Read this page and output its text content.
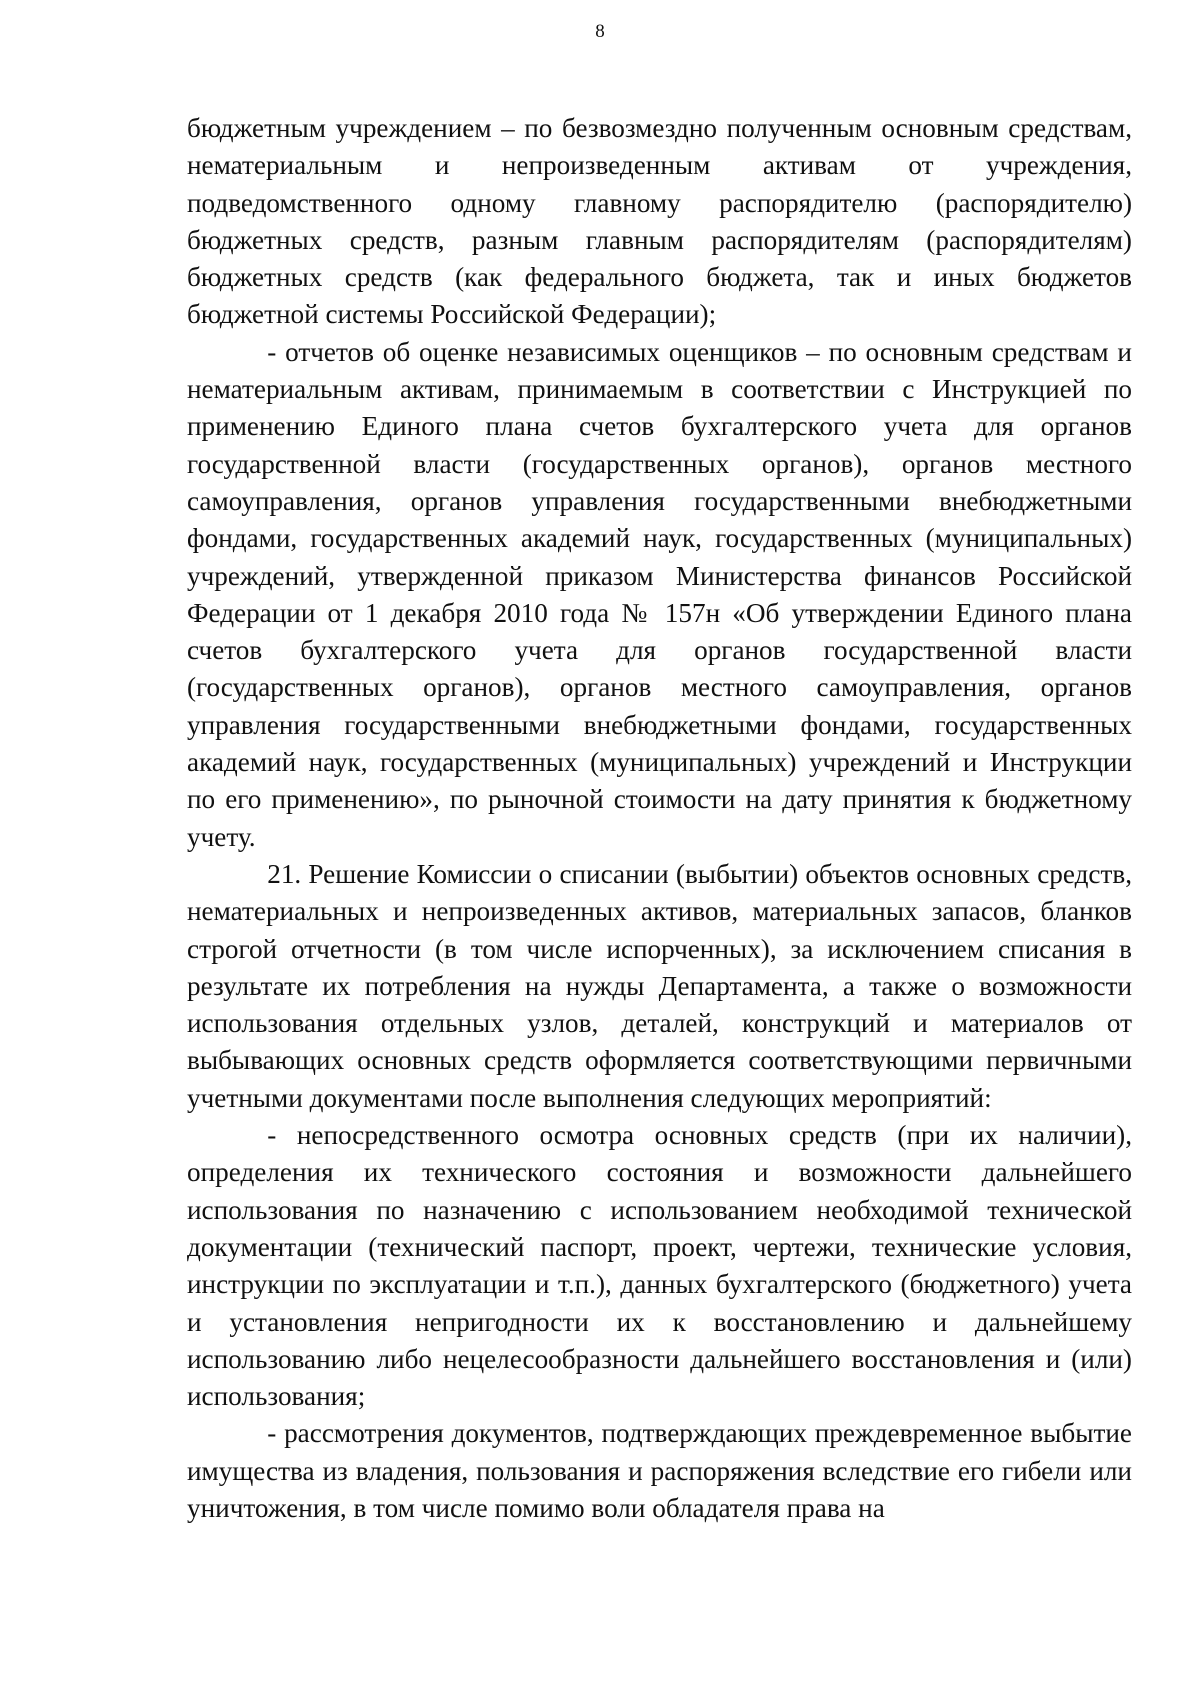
8

бюджетным учреждением – по безвозмездно полученным основным средствам, нематериальным и непроизведенным активам от учреждения, подведомственного одному главному распорядителю (распорядителю) бюджетных средств, разным главным распорядителям (распорядителям) бюджетных средств (как федерального бюджета, так и иных бюджетов бюджетной системы Российской Федерации);

- отчетов об оценке независимых оценщиков – по основным средствам и нематериальным активам, принимаемым в соответствии с Инструкцией по применению Единого плана счетов бухгалтерского учета для органов государственной власти (государственных органов), органов местного самоуправления, органов управления государственными внебюджетными фондами, государственных академий наук, государственных (муниципальных) учреждений, утвержденной приказом Министерства финансов Российской Федерации от 1 декабря 2010 года № 157н «Об утверждении Единого плана счетов бухгалтерского учета для органов государственной власти (государственных органов), органов местного самоуправления, органов управления государственными внебюджетными фондами, государственных академий наук, государственных (муниципальных) учреждений и Инструкции по его применению», по рыночной стоимости на дату принятия к бюджетному учету.

21. Решение Комиссии о списании (выбытии) объектов основных средств, нематериальных и непроизведенных активов, материальных запасов, бланков строгой отчетности (в том числе испорченных), за исключением списания в результате их потребления на нужды Департамента, а также о возможности использования отдельных узлов, деталей, конструкций и материалов от выбывающих основных средств оформляется соответствующими первичными учетными документами после выполнения следующих мероприятий:

- непосредственного осмотра основных средств (при их наличии), определения их технического состояния и возможности дальнейшего использования по назначению с использованием необходимой технической документации (технический паспорт, проект, чертежи, технические условия, инструкции по эксплуатации и т.п.), данных бухгалтерского (бюджетного) учета и установления непригодности их к восстановлению и дальнейшему использованию либо нецелесообразности дальнейшего восстановления и (или) использования;

- рассмотрения документов, подтверждающих преждевременное выбытие имущества из владения, пользования и распоряжения вследствие его гибели или уничтожения, в том числе помимо воли обладателя права на
